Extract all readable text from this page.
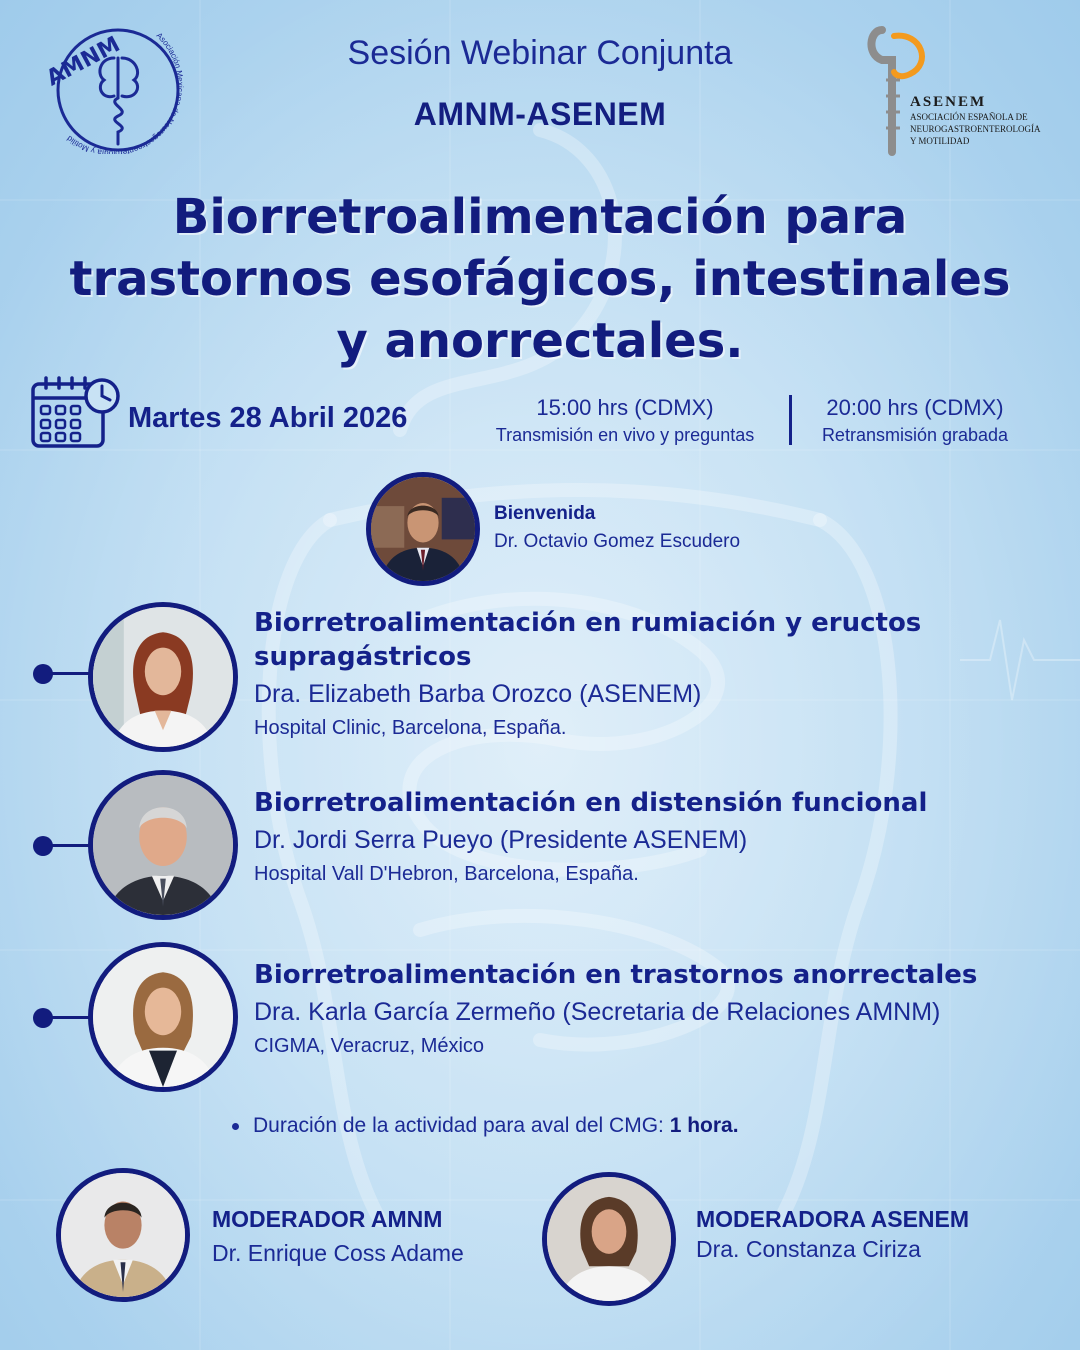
Asociación Mexicana de Neurogastroenterología y Motilid
AMNM
ASENEM
ASOCIACIÓN ESPAÑOLA DE
NEUROGASTROENTEROLOGÍA
Y MOTILIDAD
Sesión Webinar Conjunta
AMNM-ASENEM
Biorretroalimentación para
trastornos esofágicos, intestinales
y anorrectales.
Martes 28 Abril 2026	15:00 hrs (CDMX)
Transmisión en vivo y preguntas
20:00 hrs (CDMX)
Retransmisión grabada
Bienvenida
Dr. Octavio Gomez Escudero
Biorretroalimentación en rumiación y eructos
supragástricos
Dra. Elizabeth Barba Orozco (ASENEM)
Hospital Clinic, Barcelona, España.
Biorretroalimentación en distensión funcional
Dr. Jordi Serra Pueyo (Presidente ASENEM)
Hospital Vall D'Hebron, Barcelona, España.
Biorretroalimentación en trastornos anorrectales
Dra. Karla García Zermeño (Secretaria de Relaciones AMNM)
CIGMA, Veracruz, México
Duración de la actividad para aval del CMG: 1 hora.
MODERADOR AMNM
Dr. Enrique Coss Adame
MODERADORA ASENEM
Dra. Constanza Ciriza
